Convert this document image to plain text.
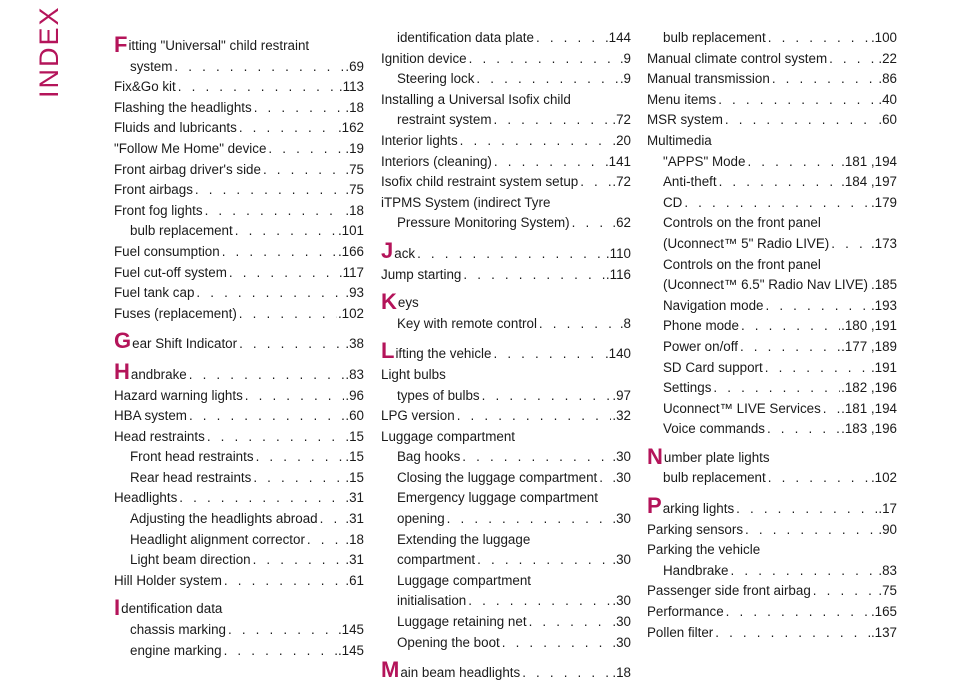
INDEX Fitting "Universal" child restraint
system . . .	.69
Fix&Go kit . . .	.113
Flashing the headlights . . .	.18
Fluids and lubricants . . .	.162
"Follow Me Home" device . . .	.19
Front airbag driver's side . . .	.75
Front airbags . . .	.75
Front fog lights . . .	.18
bulb replacement . . .	.101
Fuel consumption . . .	.166
Fuel cut-off system . . .	.117
Fuel tank cap . . .	.93
Fuses (replacement) . . .	.102
G ear Shift Indicator . . .	.38
H andbrake . . .	.83
Hazard warning lights . . .	.96
HBA system . . .	.60
Head restraints . . .	.15
Front head restraints . . .	.15
Rear head restraints . . .	.15
Headlights . . .	.31
Adjusting the headlights abroad . . . .31
Headlight alignment corrector . . .	.18
Light beam direction . . .	.31
Hill Holder system . . .	.61
Identification data
chassis marking . . .	.145
engine marking . . .	.145
identification data plate . . .	.144
Ignition device . . .	.9
Steering lock . . .	.9
Installing a Universal Isofix child
restraint system . . .	.72
Interior lights . . .	.20
Interiors (cleaning) . . .	.141
Isofix child restraint system setup . . .	.72
iTPMS System (indirect Tyre
Pressure Monitoring System) . . .	.62
J ack . . .	.110
Jump starting . . .	.116
Keys
Key with remote control . . .	.8
L ifting the vehicle . . .	.140
Light bulbs
types of bulbs . . .	.97
LPG version . . .	.32
Luggage compartment
Bag hooks . . .	.30
Closing the luggage compartment . . . .30
Emergency luggage compartment
opening . . .	.30
Extending the luggage
compartment . . .	.30
Luggage compartment
initialisation . . .	.30
Luggage retaining net . . .	.30
Opening the boot . . .	.30
M ain beam headlights . . .	.18
bulb replacement . . .	.100
Manual climate control system . . .	.22
Manual transmission . . .	.86
Menu items . . .	.40
MSR system . . .	.60
Multimedia
"APPS" Mode . . .	.181 ,194
Anti-theft . . .	.184 ,197
CD . . .	.179
Controls on the front panel
(Uconnect™ 5" Radio LIVE) . . .	.173
Controls on the front panel
(Uconnect™ 6.5" Radio Nav LIVE) .185
Navigation mode . . .	.193
Phone mode . . .	.180 ,191
Power on/off . . .	.177 ,189
SD Card support . . .	.191
Settings . . .	.182 ,196
Uconnect™ LIVE Services . . . .181 ,194
Voice commands . . .	.183 ,196
Number plate lights
bulb replacement . . .	.102
P arking lights . . .	.17
Parking sensors . . .	.90
Parking the vehicle
Handbrake . . .	.83
Passenger side front airbag . . .	.75
Performance . . .	.165
Pollen filter . . .	.137
